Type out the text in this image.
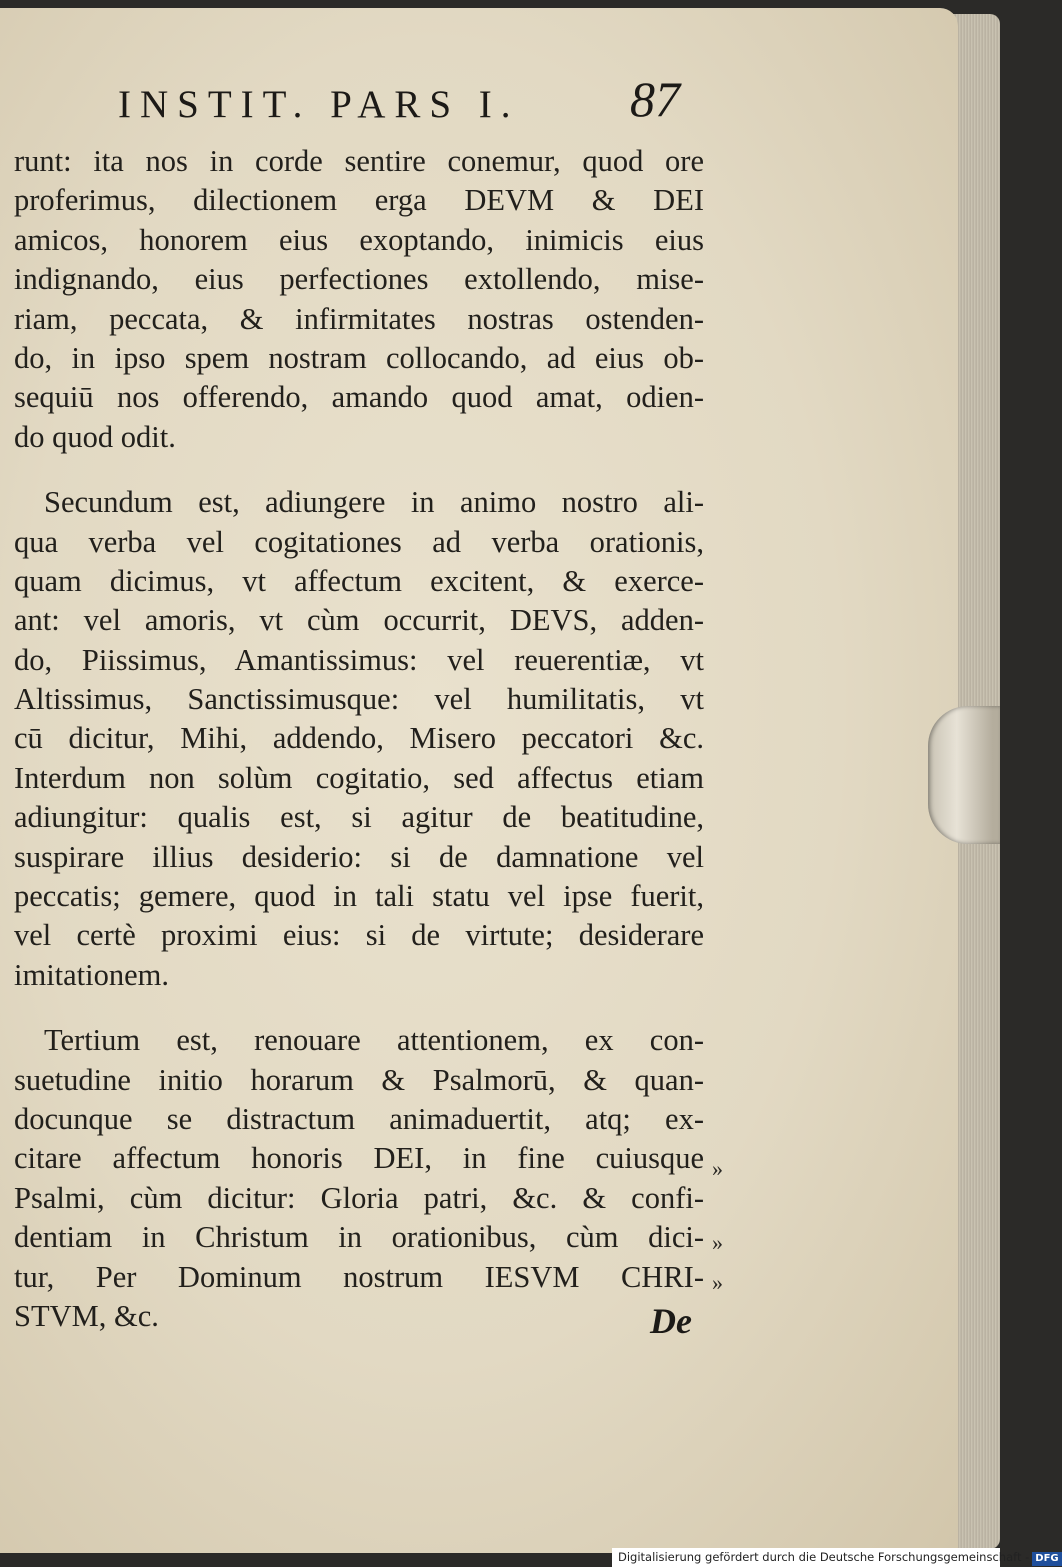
INSTIT. PARS I. 87
runt: ita nos in corde sentire conemur, quod ore
proferimus, dilectionem erga DEVM & DEI
amicos, honorem eius exoptando, inimicis eius
indignando, eius perfectiones extollendo, mise-
riam, peccata, & infirmitates nostras ostenden-
do, in ipso spem nostram collocando, ad eius ob-
sequiū nos offerendo, amando quod amat, odien-
do quod odit.
Secundum est, adiungere in animo nostro ali-
qua verba vel cogitationes ad verba orationis,
quam dicimus, vt affectum excitent, & exerce-
ant: vel amoris, vt cùm occurrit, DEVS, adden-
do, Piissimus, Amantissimus: vel reuerentiæ, vt
Altissimus, Sanctissimusque: vel humilitatis, vt
cū dicitur, Mihi, addendo, Misero peccatori &c.
Interdum non solùm cogitatio, sed affectus etiam
adiungitur: qualis est, si agitur de beatitudine,
suspirare illius desiderio: si de damnatione vel
peccatis; gemere, quod in tali statu vel ipse fuerit,
vel certè proximi eius: si de virtute; desiderare
imitationem.
Tertium est, renouare attentionem, ex con-
suetudine initio horarum & Psalmorū, & quan-
docunque se distractum animaduertit, atq; ex-
citare affectum honoris DEI, in fine cuiusque
Psalmi, cùm dicitur: Gloria patri, &c. & confi-
dentiam in Christum in orationibus, cùm dici-
tur, Per Dominum nostrum IESVM CHRI-
STVM, &c.
»
»
»
De
Digitalisierung gefördert durch die Deutsche Forschungsgemeinschaft - DFG
